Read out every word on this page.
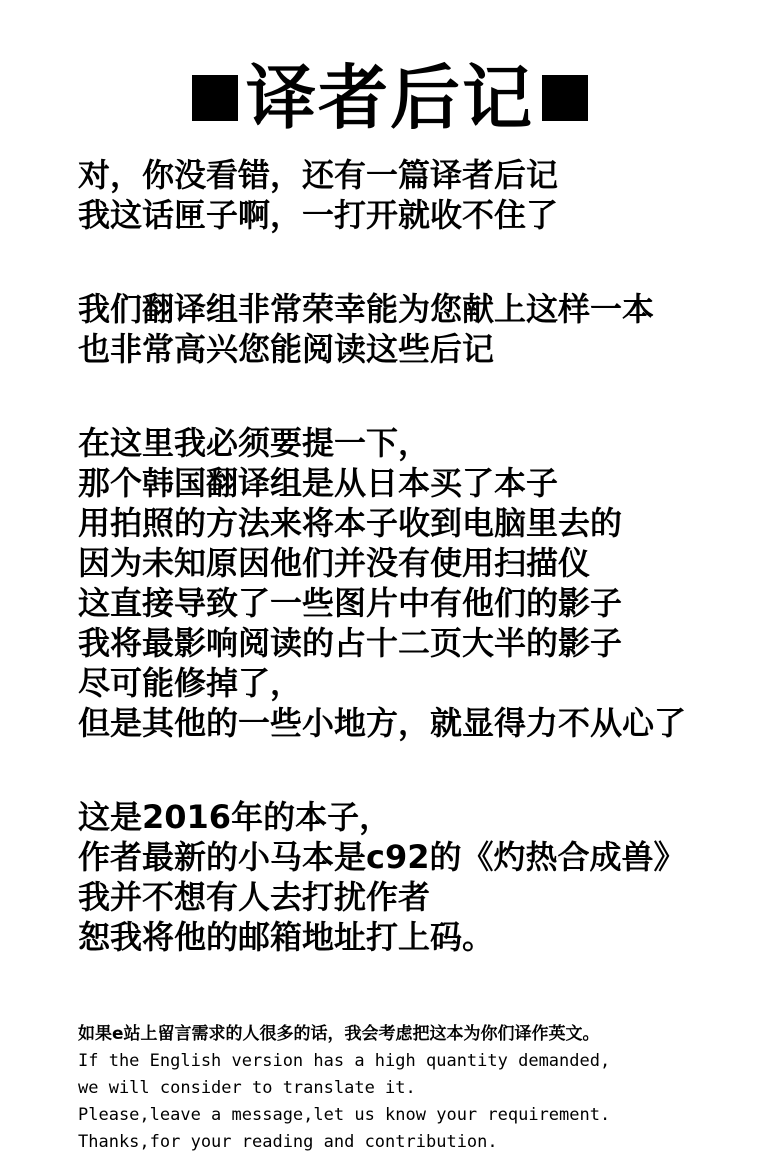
译者后记
对，你没看错，还有一篇译者后记
我这话匣子啊，一打开就收不住了
我们翻译组非常荣幸能为您献上这样一本
也非常高兴您能阅读这些后记
在这里我必须要提一下，
那个韩国翻译组是从日本买了本子
用拍照的方法来将本子收到电脑里去的
因为未知原因他们并没有使用扫描仪
这直接导致了一些图片中有他们的影子
我将最影响阅读的占十二页大半的影子
尽可能修掉了，
但是其他的一些小地方，就显得力不从心了
这是2016年的本子，
作者最新的小马本是c92的《灼热合成兽》
我并不想有人去打扰作者
恕我将他的邮箱地址打上码。
如果e站上留言需求的人很多的话，我会考虑把这本为你们译作英文。
If the English version has a high quantity demanded,
we will consider to translate it.
Please,leave a message,let us know your requirement.
Thanks,for your reading and contribution.
